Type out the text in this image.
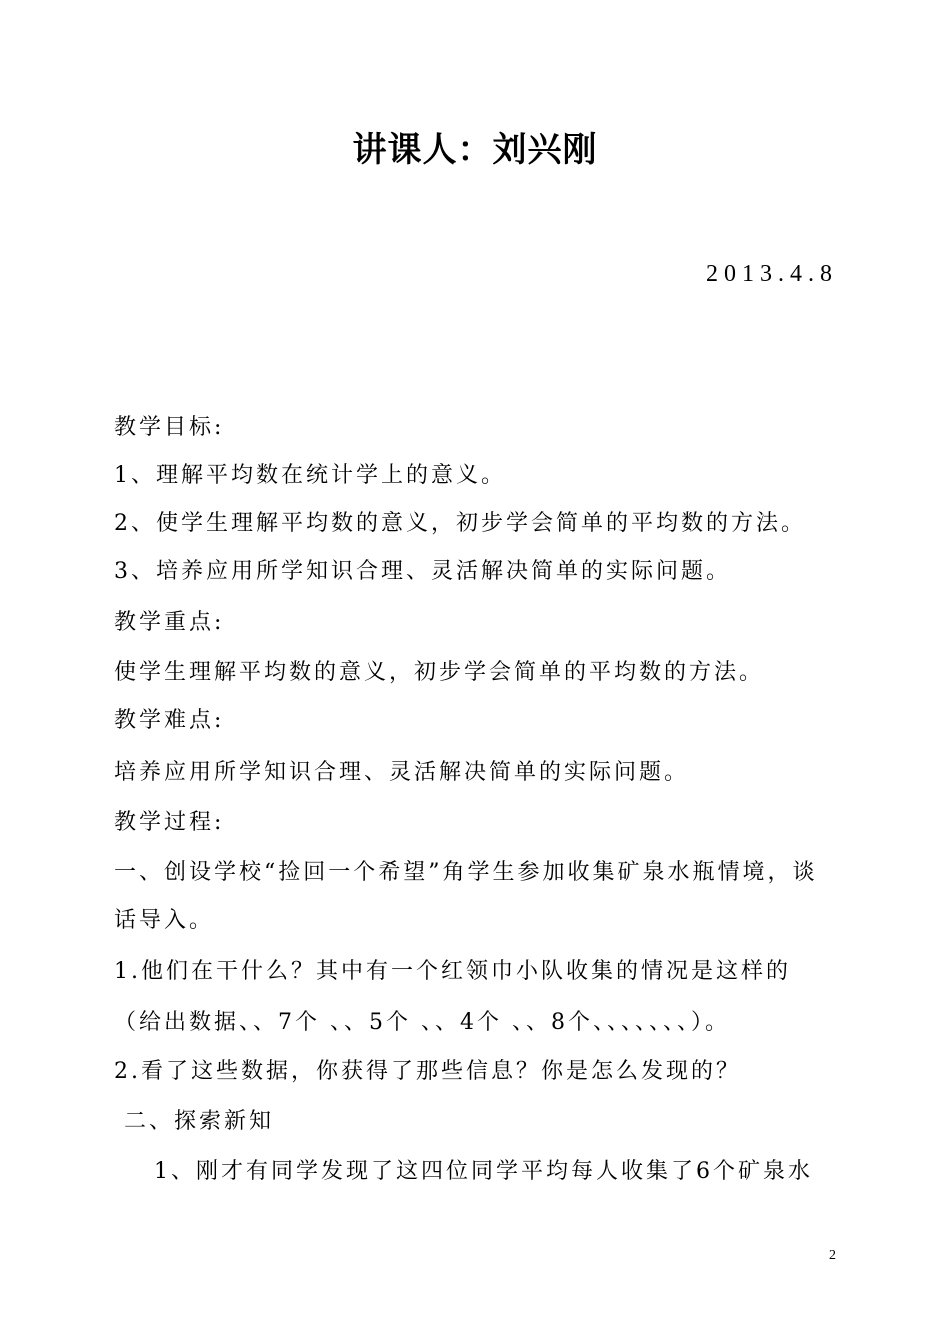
讲课人：刘兴刚
2013.4.8
教学目标:
1、理解平均数在统计学上的意义。
2、使学生理解平均数的意义，初步学会简单的平均数的方法。
3、培养应用所学知识合理、灵活解决简单的实际问题。
教学重点:
使学生理解平均数的意义，初步学会简单的平均数的方法。
教学难点:
培养应用所学知识合理、灵活解决简单的实际问题。
教学过程:
一、创设学校“捡回一个希望”角学生参加收集矿泉水瓶情境，谈
话导入。
1.他们在干什么？其中有一个红领巾小队收集的情况是这样的
（给出数据、、7个 、、5个 、、4个 、、8个、、、、、、、）。
2.看了这些数据，你获得了那些信息？你是怎么发现的？
二、探索新知
1、刚才有同学发现了这四位同学平均每人收集了6个矿泉水
2
